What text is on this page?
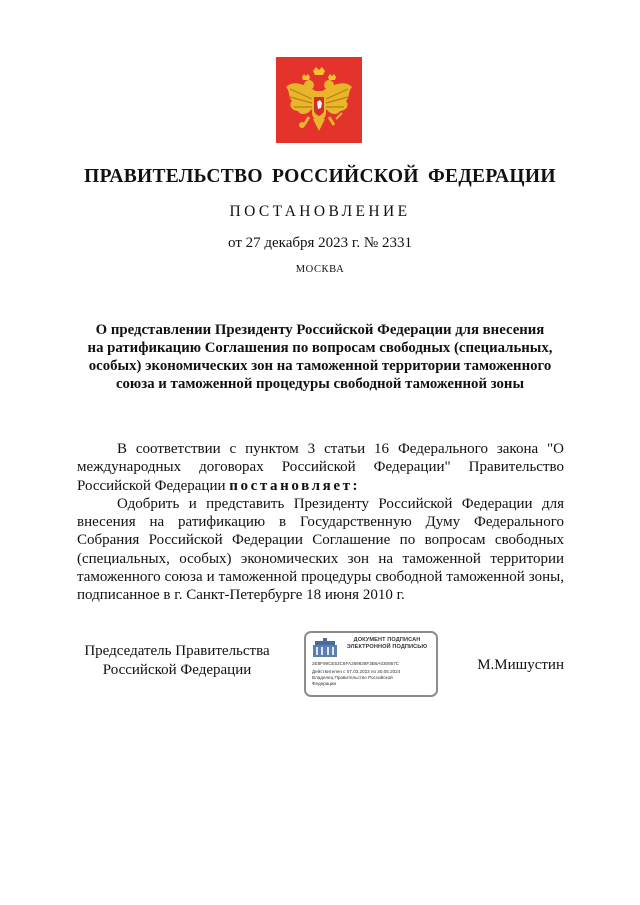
ПРАВИТЕЛЬСТВО РОССИЙСКОЙ ФЕДЕРАЦИИ
ПОСТАНОВЛЕНИЕ
от 27 декабря 2023 г. № 2331
МОСКВА
О представлении Президенту Российской Федерации для внесения
на ратификацию Соглашения по вопросам свободных (специальных,
особых) экономических зон на таможенной территории таможенного
союза и таможенной процедуры свободной таможенной зоны

В соответствии с пунктом 3 статьи 16 Федерального закона "О международных договорах Российской Федерации" Правительство Российской Федерации постановляет:

Одобрить и представить Президенту Российской Федерации для внесения на ратификацию в Государственную Думу Федерального Собрания Российской Федерации Соглашение по вопросам свободных (специальных, особых) экономических зон на таможенной территории таможенного союза и таможенной процедуры свободной таможенной зоны, подписанное в г. Санкт-Петербурге 18 июня 2010 г.

Председатель Правительства
Российской Федерации
ДОКУМЕНТ ПОДПИСАН
ЭЛЕКТРОННОЙ ПОДПИСЬЮ
2E8F99CE53C6FA289838F3B6A030867C
Действителен с 07.03.2023 по 30.05.2024
Владелец Правительство Российской
Федерации
М.Мишустин
